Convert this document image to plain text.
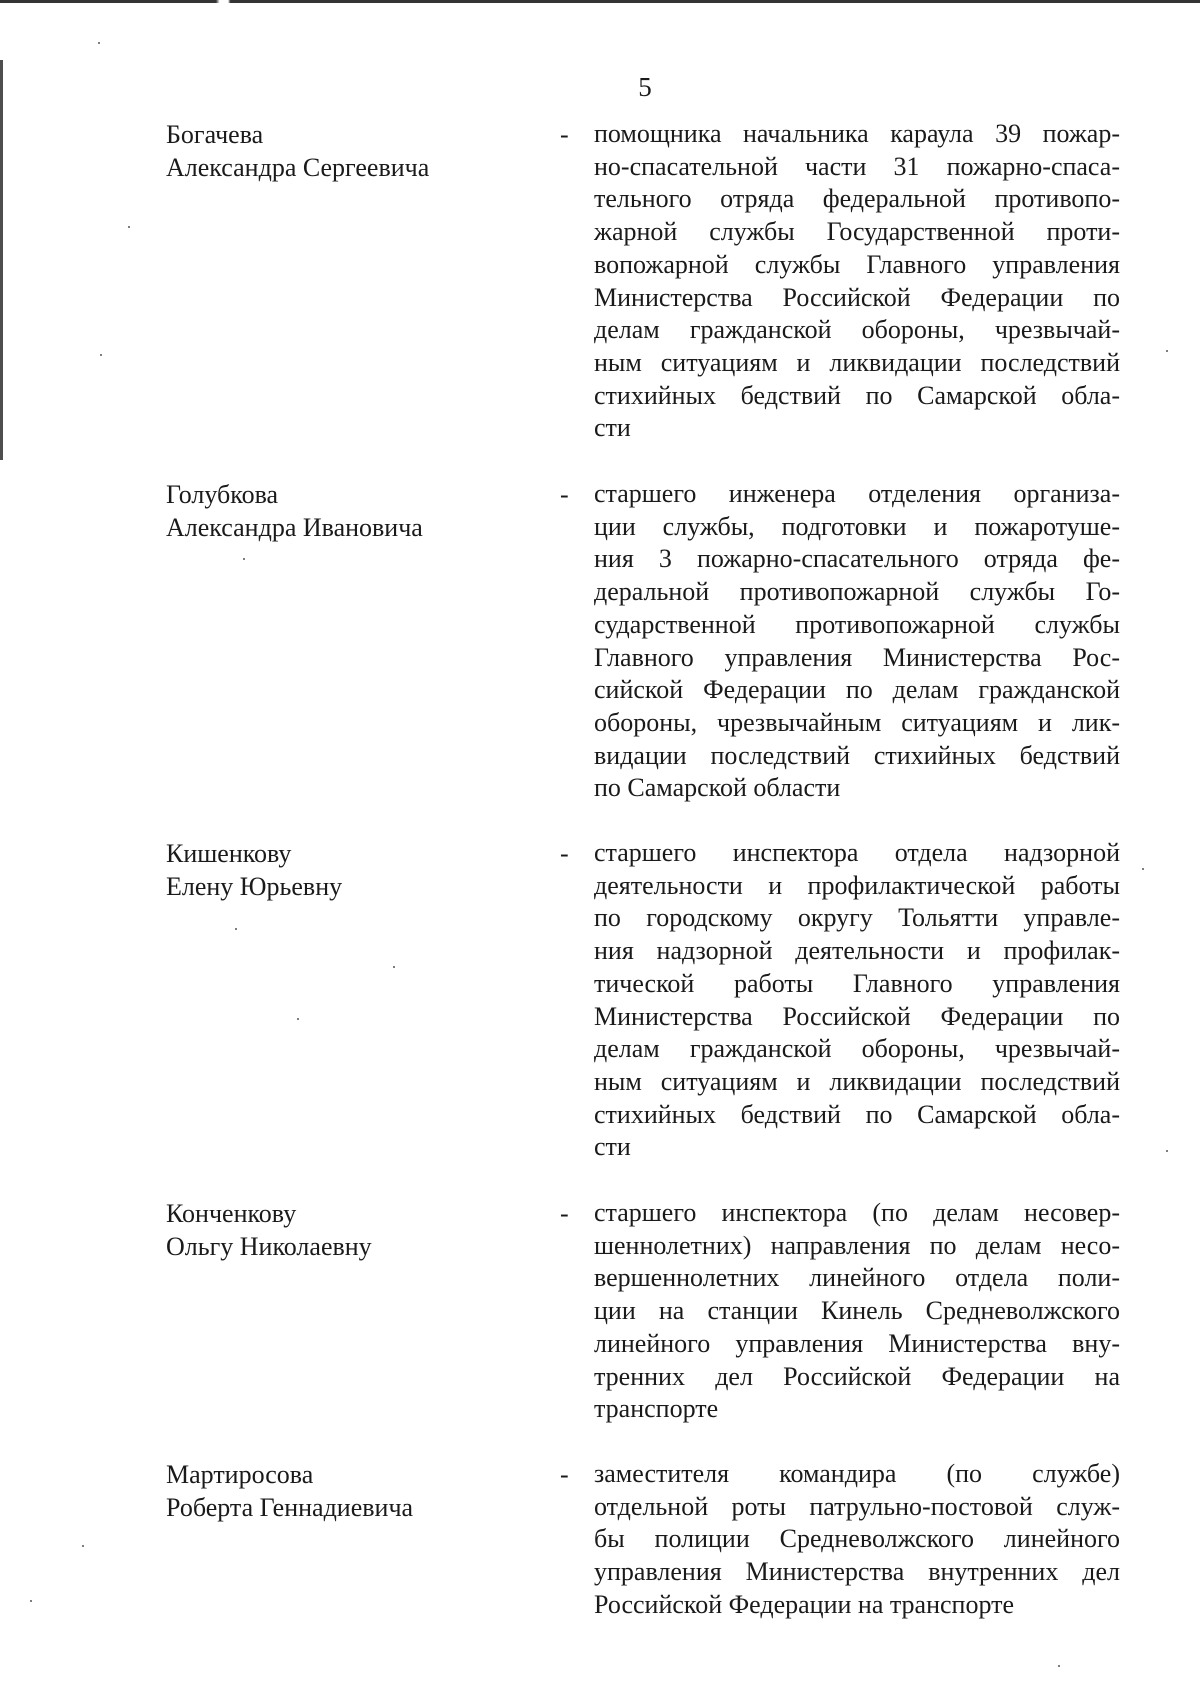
5
Богачева
Александра Сергеевича
- помощника начальника караула 39 пожар-
но-спасательной части 31 пожарно-спаса-
тельного отряда федеральной противопо-
жарной службы Государственной проти-
вопожарной службы Главного управления
Министерства Российской Федерации по
делам гражданской обороны, чрезвычай-
ным ситуациям и ликвидации последствий
стихийных бедствий по Самарской обла-
сти
Голубкова
Александра Ивановича
- старшего инженера отделения организа-
ции службы, подготовки и пожаротуше-
ния 3 пожарно-спасательного отряда фе-
деральной противопожарной службы Го-
сударственной противопожарной службы
Главного управления Министерства Рос-
сийской Федерации по делам гражданской
обороны, чрезвычайным ситуациям и лик-
видации последствий стихийных бедствий
по Самарской области
Кишенкову
Елену Юрьевну
- старшего инспектора отдела надзорной
деятельности и профилактической работы
по городскому округу Тольятти управле-
ния надзорной деятельности и профилак-
тической работы Главного управления
Министерства Российской Федерации по
делам гражданской обороны, чрезвычай-
ным ситуациям и ликвидации последствий
стихийных бедствий по Самарской обла-
сти
Конченкову
Ольгу Николаевну
- старшего инспектора (по делам несовер-
шеннолетних) направления по делам несо-
вершеннолетних линейного отдела поли-
ции на станции Кинель Средневолжского
линейного управления Министерства вну-
тренних дел Российской Федерации на
транспорте
Мартиросова
Роберта Геннадиевича
- заместителя командира (по службе)
отдельной роты патрульно-постовой служ-
бы полиции Средневолжского линейного
управления Министерства внутренних дел
Российской Федерации на транспорте
